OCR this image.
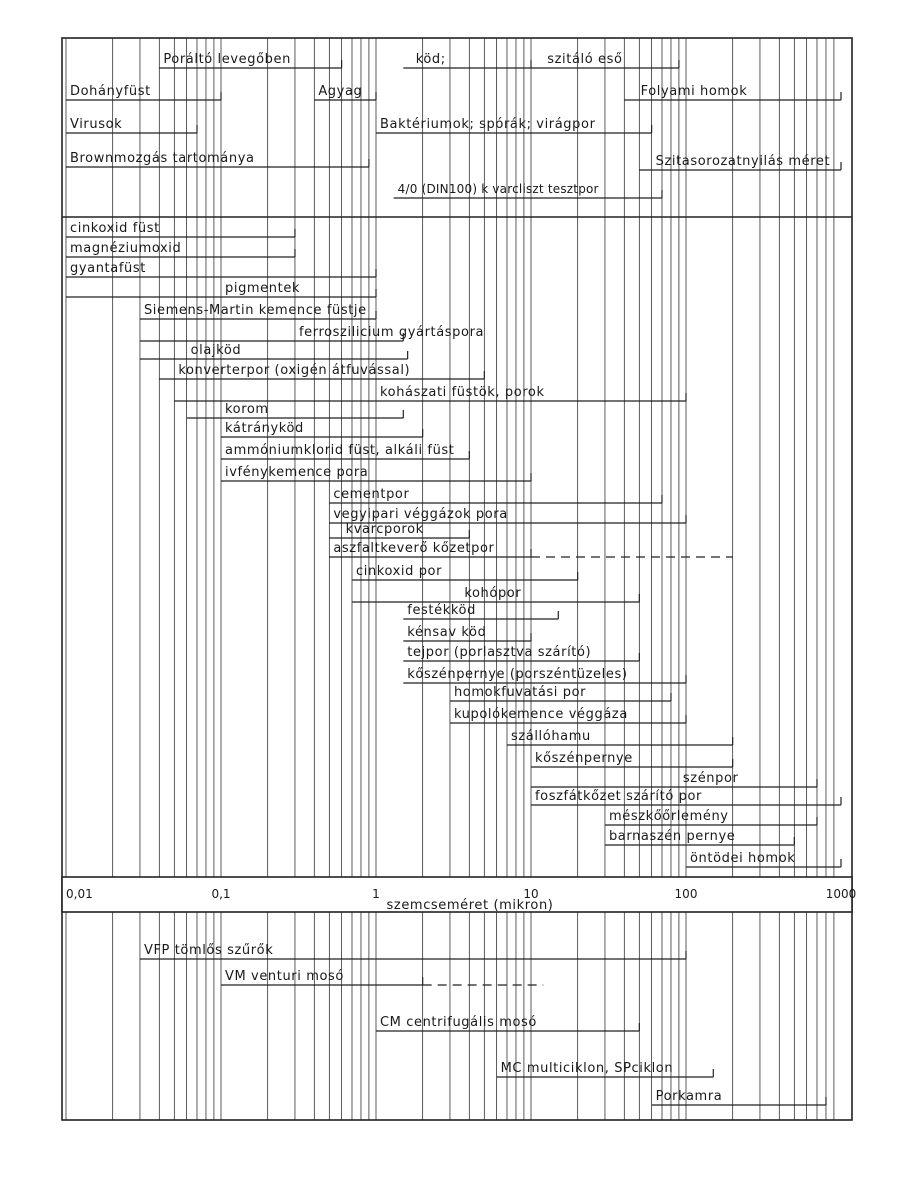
0,01	0,1	1	10	100	1000
szemcseméret (mikron)
Poráltó levegőben	köd;	szitáló eső
Dohányfüst	Agyag	Folyami homok
Virusok	Baktériumok; spórák; virágpor
Brownmozgás tartománya	Szitasorozatnyilás méret
4/0 (DIN100) k varcliszt tesztpor
cinkoxid füst
magnéziumoxid
gyantafüst
pigmentek
Siemens-Martin kemence füstje
ferroszilicium gyártáspora
olajköd
konverterpor (oxigén átfuvással)
kohászati füstök, porok
korom
kátrányköd
ammóniumklorid füst, alkáli füst
ivfénykemence pora
cementpor
vegyipari véggázok pora
kvarcporok
aszfaltkeverő kőzetpor
cinkoxid por
kohópor
festékköd
kénsav köd
tejpor (porlasztva szárító)
kőszénpernye (porszéntüzeles)
homokfuvatási por
kupolókemence véggáza
szállóhamu
kőszénpernye
szénpor
foszfátkőzet szárító por
mészkőőrlemény
barnaszén pernye
öntödei homok
VFP tömlős szűrők
VM venturi mosó
CM centrifugális mosó
MC multiciklon, SPciklon
Porkamra
